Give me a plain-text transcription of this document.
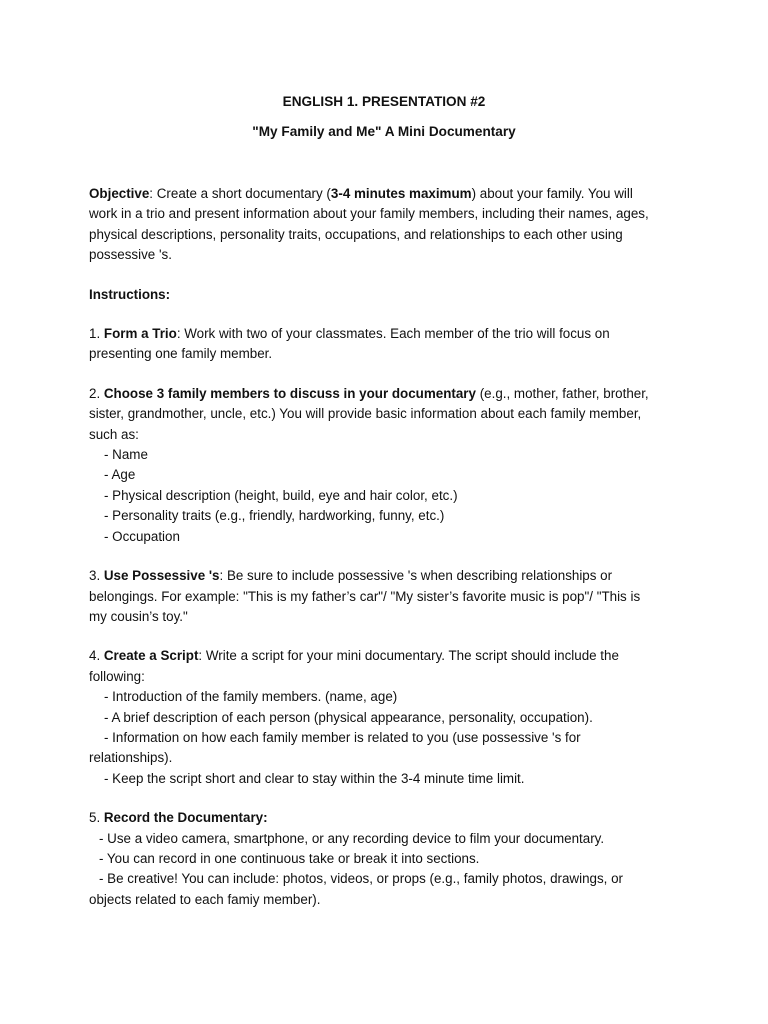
ENGLISH 1. PRESENTATION #2
"My Family and Me" A Mini Documentary

Objective: Create a short documentary (3-4 minutes maximum) about your family. You will work in a trio and present information about your family members, including their names, ages, physical descriptions, personality traits, occupations, and relationships to each other using possessive 's.

Instructions:

1. Form a Trio: Work with two of your classmates. Each member of the trio will focus on presenting one family member.

2. Choose 3 family members to discuss in your documentary (e.g., mother, father, brother, sister, grandmother, uncle, etc.) You will provide basic information about each family member, such as:
- Name
- Age
- Physical description (height, build, eye and hair color, etc.)
- Personality traits (e.g., friendly, hardworking, funny, etc.)
- Occupation

3. Use Possessive 's: Be sure to include possessive 's when describing relationships or belongings. For example: "This is my father’s car"/ "My sister’s favorite music is pop"/ "This is my cousin’s toy."

4. Create a Script: Write a script for your mini documentary. The script should include the following:
- Introduction of the family members. (name, age)
- A brief description of each person (physical appearance, personality, occupation).
- Information on how each family member is related to you (use possessive 's for relationships).
- Keep the script short and clear to stay within the 3-4 minute time limit.
5. Record the Documentary:
- Use a video camera, smartphone, or any recording device to film your documentary.
- You can record in one continuous take or break it into sections.
- Be creative! You can include: photos, videos, or props (e.g., family photos, drawings, or objects related to each famiy member).
